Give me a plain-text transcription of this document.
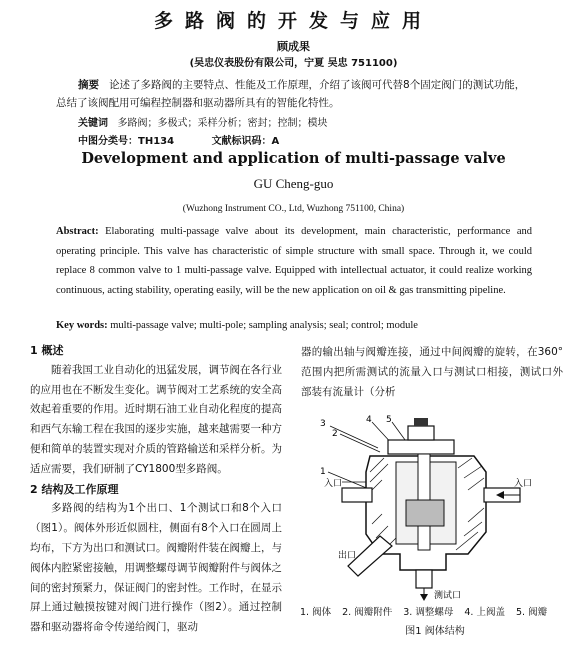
多路阀的开发与应用
顾成果
(吴忠仪表股份有限公司，宁夏 吴忠 751100)
摘要 论述了多路阀的主要特点、性能及工作原理，介绍了该阀可代替8个固定阀门的测试功能，总结了该阀配用可编程控制器和驱动器所具有的智能化特性。
关键词 多路阀；多极式；采样分析；密封；控制；模块
中图分类号：TH134	文献标识码：A
Development and application of multi-passage valve
GU Cheng-guo
(Wuzhong Instrument CO., Ltd, Wuzhong 751100, China)
Abstract: Elaborating multi-passage valve about its development, main characteristic, performance and operating principle. This valve has characteristic of simple structure with small space. Through it, we could replace 8 common valve to 1 multi-passage valve. Equipped with intellectual actuator, it could realize working continuous, acting stability, operating easily, will be the new application on oil & gas transmitting pipeline.
Key words: multi-passage valve; multi-pole; sampling analysis; seal; control; module
1 概述

随着我国工业自动化的迅猛发展，调节阀在各行业的应用也在不断发生变化。调节阀对工艺系统的安全高效起着重要的作用。近时期石油工业自动化程度的提高和西气东输工程在我国的逐步实施，越来越需要一种方便和简单的装置实现对介质的管路输送和采样分析。为适应需要，我们研制了CY1800型多路阀。

2 结构及工作原理

多路阀的结构为1个出口、1个测试口和8个入口（图1）。阀体外形近似圆柱，侧面有8个入口在圆周上均布，下方为出口和测试口。阀瓣附件装在阀瓣上，与阀体内腔紧密接触，用调整螺母调节阀瓣附件与阀体之间的密封预紧力，保证阀门的密封性。工作时，在显示屏上通过触摸按键对阀门进行操作（图2）。通过控制器和驱动器将命令传递给阀门，驱动

器的输出轴与阀瓣连接，通过中间阀瓣的旋转，在360°范围内把所需测试的流量入口与测试口相接，测试口外部装有流量计（分析
3
2
4 5
1
入口	入口
出口
测试口
1. 阀体 2. 阀瓣附件 3. 调整螺母 4. 上阀盖 5. 阀瓣
图1 阀体结构
